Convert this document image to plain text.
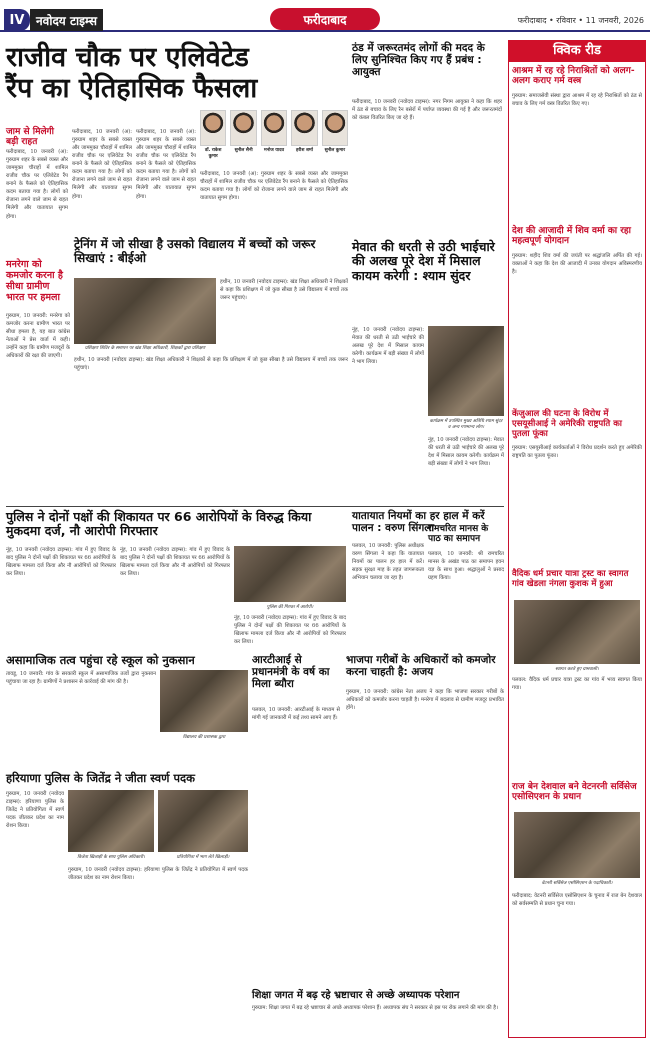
IV नवोदय टाइम्स	फरीदाबाद	फरीदाबाद • रविवार • 11 जनवरी, 2026
राजीव चौक पर एलिवेटेड
रैंप का ऐतिहासिक फैसला
जाम से मिलेगी बड़ी राहत
फरीदाबाद, 10 जनवरी (अ): गुरुग्राम शहर के सबसे व्यस्त और जाममुक्त चौराहों में शामिल राजीव चौक पर एलिवेटेड रैंप बनाने के फैसले को ऐतिहासिक कदम बताया गया है। लोगों को रोजाना लगने वाले जाम से राहत मिलेगी और यातायात सुगम होगा।
फरीदाबाद, 10 जनवरी (अ): गुरुग्राम शहर के सबसे व्यस्त और जाममुक्त चौराहों में शामिल राजीव चौक पर एलिवेटेड रैंप बनाने के फैसले को ऐतिहासिक कदम बताया गया है। लोगों को रोजाना लगने वाले जाम से राहत मिलेगी और यातायात सुगम होगा।
फरीदाबाद, 10 जनवरी (अ): गुरुग्राम शहर के सबसे व्यस्त और जाममुक्त चौराहों में शामिल राजीव चौक पर एलिवेटेड रैंप बनाने के फैसले को ऐतिहासिक कदम बताया गया है। लोगों को रोजाना लगने वाले जाम से राहत मिलेगी और यातायात सुगम होगा।
डॉ. राकेश कुमार
सुनील सैनी	मनोज यादव	हरीश शर्मा	सुनील कुमार
फरीदाबाद, 10 जनवरी (अ): गुरुग्राम शहर के सबसे व्यस्त और जाममुक्त चौराहों में शामिल राजीव चौक पर एलिवेटेड रैंप बनाने के फैसले को ऐतिहासिक कदम बताया गया है। लोगों को रोजाना लगने वाले जाम से राहत मिलेगी और यातायात सुगम होगा।
मनरेगा को कमजोर करना है सीधा ग्रामीण भारत पर हमला
गुरुग्राम, 10 जनवरी: मनरेगा को कमजोर करना ग्रामीण भारत पर सीधा हमला है, यह बात कांग्रेस नेताओं ने प्रेस वार्ता में कही। उन्होंने कहा कि ग्रामीण मजदूरों के अधिकारों की रक्षा की जाएगी।
ट्रेनिंग में जो सीखा है उसको विद्यालय में बच्चों को जरूर सिखाएं : बीईओ
प्रशिक्षण शिविर के समापन पर खंड शिक्षा अधिकारी, शिक्षकों द्वारा प्रशिक्षण
हथीन, 10 जनवरी (नवोदय टाइम्स): खंड शिक्षा अधिकारी ने शिक्षकों से कहा कि प्रशिक्षण में जो कुछ सीखा है उसे विद्यालय में बच्चों तक जरूर पहुंचाएं।
हथीन, 10 जनवरी (नवोदय टाइम्स): खंड शिक्षा अधिकारी ने शिक्षकों से कहा कि प्रशिक्षण में जो कुछ सीखा है उसे विद्यालय में बच्चों तक जरूर पहुंचाएं।
ठंड में जरूरतमंद लोगों की मदद के लिए सुनिश्चित किए गए हैं प्रबंध : आयुक्त
फरीदाबाद, 10 जनवरी (नवोदय टाइम्स): नगर निगम आयुक्त ने कहा कि शहर में ठंड से बचाव के लिए रैन बसेरों में पर्याप्त व्यवस्था की गई है और जरूरतमंदों को कंबल वितरित किए जा रहे हैं।
मेवात की धरती से उठी भाईचारे की अलख पूरे देश में मिसाल कायम करेगी : श्याम सुंदर
नूंह, 10 जनवरी (नवोदय टाइम्स): मेवात की धरती से उठी भाईचारे की अलख पूरे देश में मिसाल कायम करेगी। कार्यक्रम में बड़ी संख्या में लोगों ने भाग लिया।
कार्यक्रम में उपस्थित मुख्य अतिथि श्याम सुंदर व अन्य गणमान्य लोग।
नूंह, 10 जनवरी (नवोदय टाइम्स): मेवात की धरती से उठी भाईचारे की अलख पूरे देश में मिसाल कायम करेगी। कार्यक्रम में बड़ी संख्या में लोगों ने भाग लिया।
क्विक रीड
आश्रम में रह रहे निराश्रितों को अलग-अलग कराए गर्म वस्त्र
गुरुग्राम: समाजसेवी संस्था द्वारा आश्रम में रह रहे निराश्रितों को ठंड से बचाव के लिए गर्म वस्त्र वितरित किए गए।
देश की आजादी में शिव वर्मा का रहा महत्वपूर्ण योगदान
गुरुग्राम: शहीद शिव वर्मा की जयंती पर श्रद्धांजलि अर्पित की गई। वक्ताओं ने कहा कि देश की आजादी में उनका योगदान अविस्मरणीय है।
केंजुआल की घटना के विरोध में एसयूसीआई ने अमेरिकी राष्ट्रपति का पुतला फूंका
गुरुग्राम: एसयूसीआई कार्यकर्ताओं ने विरोध प्रदर्शन करते हुए अमेरिकी राष्ट्रपति का पुतला फूंका।
वैदिक धर्म प्रचार यात्रा ट्रस्ट का स्वागत गांव खेडला नंगला कुशक में हुआ
स्वागत करते हुए ग्रामवासी।
पलवल: वैदिक धर्म प्रचार यात्रा ट्रस्ट का गांव में भव्य स्वागत किया गया।
राज बेन देशवाल बने वेटनरनी सर्विसेज एसोसिएशन के प्रधान
वेटनरी सर्विसेज एसोसिएशन के पदाधिकारी।
फरीदाबाद: वेटनरी सर्विसेज एसोसिएशन के चुनाव में राज बेन देशवाल को सर्वसम्मति से प्रधान चुना गया।
पुलिस ने दोनों पक्षों की शिकायत पर 66 आरोपियों के विरुद्ध किया मुकदमा दर्ज, नौ आरोपी गिरफ्तार
नूंह, 10 जनवरी (नवोदय टाइम्स): गांव में हुए विवाद के बाद पुलिस ने दोनों पक्षों की शिकायत पर 66 आरोपियों के खिलाफ मामला दर्ज किया और नौ आरोपियों को गिरफ्तार कर लिया।
नूंह, 10 जनवरी (नवोदय टाइम्स): गांव में हुए विवाद के बाद पुलिस ने दोनों पक्षों की शिकायत पर 66 आरोपियों के खिलाफ मामला दर्ज किया और नौ आरोपियों को गिरफ्तार कर लिया।
पुलिस की गिरफ्त में आरोपी।
नूंह, 10 जनवरी (नवोदय टाइम्स): गांव में हुए विवाद के बाद पुलिस ने दोनों पक्षों की शिकायत पर 66 आरोपियों के खिलाफ मामला दर्ज किया और नौ आरोपियों को गिरफ्तार कर लिया।
यातायात नियमों का हर हाल में करें पालन : वरुण सिंगला
पलवल, 10 जनवरी: पुलिस अधीक्षक वरुण सिंगला ने कहा कि यातायात नियमों का पालन हर हाल में करें। सड़क सुरक्षा माह के तहत जागरूकता अभियान चलाया जा रहा है।
रामचरित मानस के पाठ का समापन
पलवल, 10 जनवरी: श्री रामचरित मानस के अखंड पाठ का समापन हवन यज्ञ के साथ हुआ। श्रद्धालुओं ने प्रसाद ग्रहण किया।
असामाजिक तत्व पहुंचा रहे स्कूल को नुकसान
तावडू, 10 जनवरी: गांव के सरकारी स्कूल में असामाजिक तत्वों द्वारा नुकसान पहुंचाया जा रहा है। ग्रामीणों ने प्रशासन से कार्रवाई की मांग की है।
विद्यालय की प्रशासक द्वारा
आरटीआई से प्रधानमंत्री के वर्ष का मिला ब्यौरा
पलवल, 10 जनवरी: आरटीआई के माध्यम से मांगी गई जानकारी में कई तथ्य सामने आए हैं।
भाजपा गरीबों के अधिकारों को कमजोर करना चाहती है: अजय
गुरुग्राम, 10 जनवरी: कांग्रेस नेता अजय ने कहा कि भाजपा सरकार गरीबों के अधिकारों को कमजोर करना चाहती है। मनरेगा में बदलाव से ग्रामीण मजदूर प्रभावित होंगे।
हरियाणा पुलिस के जितेंद्र ने जीता स्वर्ण पदक
गुरुग्राम, 10 जनवरी (नवोदय टाइम्स): हरियाणा पुलिस के जितेंद्र ने प्रतियोगिता में स्वर्ण पदक जीतकर प्रदेश का नाम रोशन किया।
विजेता खिलाड़ी के साथ पुलिस अधिकारी।	प्रतियोगिता में भाग लेते खिलाड़ी।
गुरुग्राम, 10 जनवरी (नवोदय टाइम्स): हरियाणा पुलिस के जितेंद्र ने प्रतियोगिता में स्वर्ण पदक जीतकर प्रदेश का नाम रोशन किया।
शिक्षा जगत में बढ़ रहे भ्रष्टाचार से अच्छे अध्यापक परेशान
गुरुग्राम: शिक्षा जगत में बढ़ रहे भ्रष्टाचार से अच्छे अध्यापक परेशान हैं। अध्यापक संघ ने सरकार से इस पर रोक लगाने की मांग की है।
